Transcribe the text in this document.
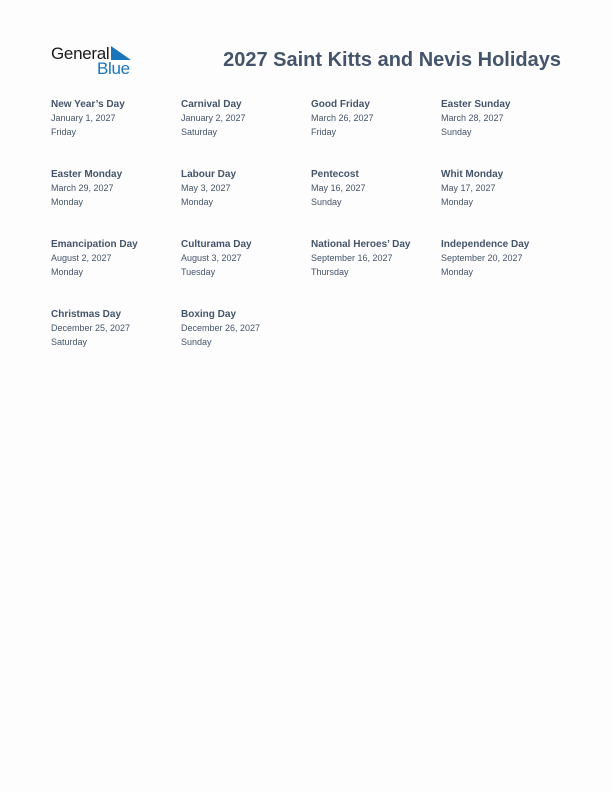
General
Blue	2027 Saint Kitts and Nevis Holidays
New Year’s Day
January 1, 2027
Friday
Carnival Day
January 2, 2027
Saturday
Good Friday
March 26, 2027
Friday
Easter Sunday
March 28, 2027
Sunday
Easter Monday
March 29, 2027
Monday
Labour Day
May 3, 2027
Monday
Pentecost
May 16, 2027
Sunday
Whit Monday
May 17, 2027
Monday
Emancipation Day
August 2, 2027
Monday
Culturama Day
August 3, 2027
Tuesday
National Heroes’ Day
September 16, 2027
Thursday
Independence Day
September 20, 2027
Monday
Christmas Day
December 25, 2027
Saturday
Boxing Day
December 26, 2027
Sunday
